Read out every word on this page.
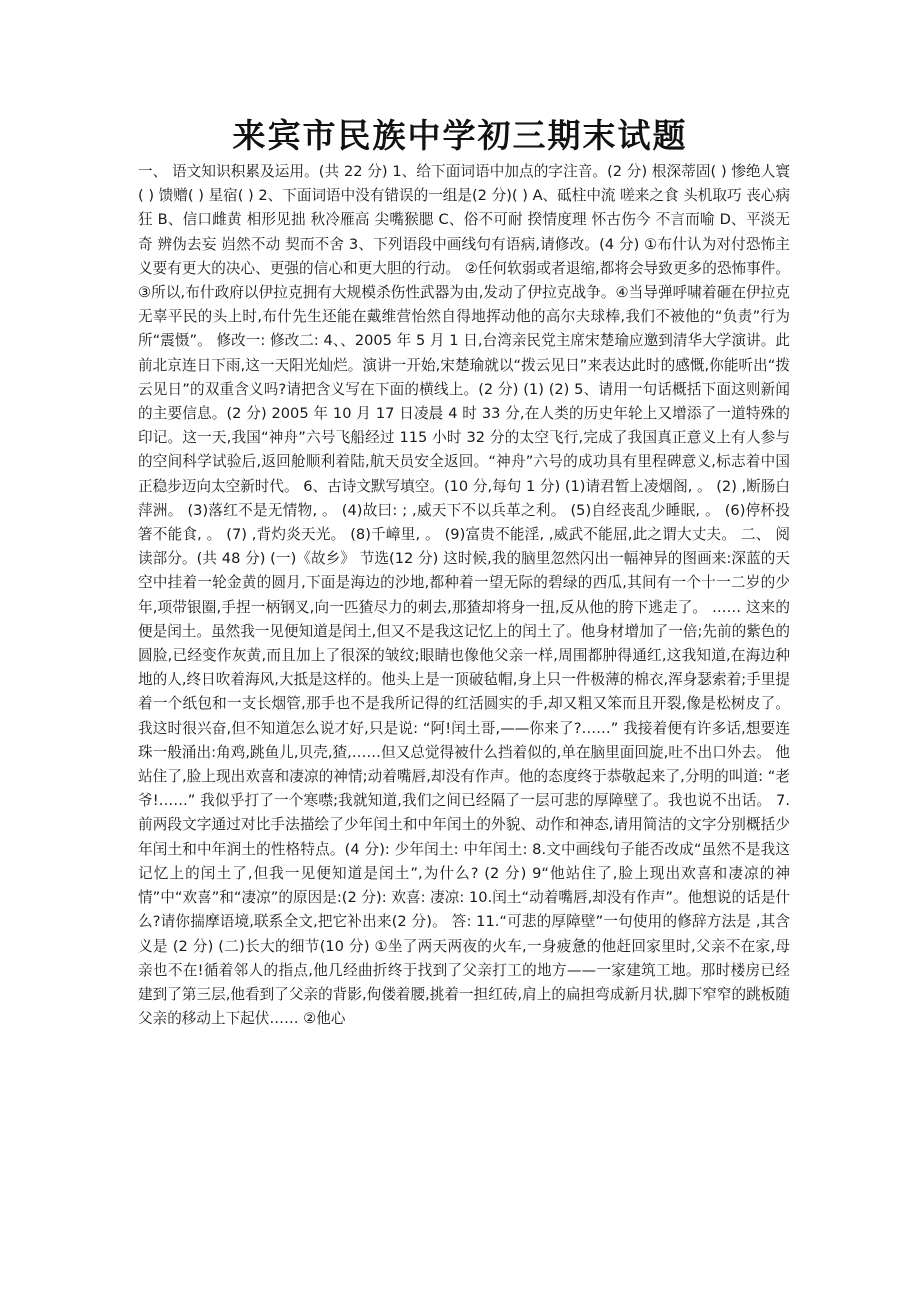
来宾市民族中学初三期末试题

一、 语文知识积累及运用。(共 22 分) 1、给下面词语中加点的字注音。(2 分) 根深蒂固( ) 惨绝人寰( ) 馈赠( ) 星宿( ) 2、下面词语中没有错误的一组是(2 分)( ) A、砥柱中流 嗟来之食 头机取巧 丧心病狂 B、信口雌黄 相形见拙 秋冷雁高 尖嘴猴腮 C、俗不可耐 揆情度理 怀古伤今 不言而喻 D、平淡无奇 辨伪去妄 岿然不动 契而不舍 3、下列语段中画线句有语病,请修改。(4 分) ①布什认为对付恐怖主义要有更大的决心、更强的信心和更大胆的行动。 ②任何软弱或者退缩,都将会导致更多的恐怖事件。 ③所以,布什政府以伊拉克拥有大规模杀伤性武器为由,发动了伊拉克战争。④当导弹呼啸着砸在伊拉克无辜平民的头上时,布什先生还能在戴维营怡然自得地挥动他的高尔夫球棒,我们不被他的“负责”行为所“震慑”。 修改一: 修改二: 4、、2005 年 5 月 1 日,台湾亲民党主席宋楚瑜应邀到清华大学演讲。此前北京连日下雨,这一天阳光灿烂。演讲一开始,宋楚瑜就以“拨云见日”来表达此时的感慨,你能听出“拨云见日”的双重含义吗?请把含义写在下面的横线上。(2 分) (1) (2) 5、请用一句话概括下面这则新闻的主要信息。(2 分) 2005 年 10 月 17 日凌晨 4 时 33 分,在人类的历史年轮上又增添了一道特殊的印记。这一天,我国“神舟”六号飞船经过 115 小时 32 分的太空飞行,完成了我国真正意义上有人参与的空间科学试验后,返回舱顺利着陆,航天员安全返回。“神舟”六号的成功具有里程碑意义,标志着中国正稳步迈向太空新时代。 6、古诗文默写填空。(10 分,每句 1 分) (1)请君暂上凌烟阁, 。 (2) ,断肠白萍洲。 (3)落红不是无情物, 。 (4)故曰: ; ,威天下不以兵革之利。 (5)自经丧乱少睡眠, 。 (6)停杯投箸不能食, 。 (7) ,背灼炎天光。 (8)千嶂里, 。 (9)富贵不能淫, ,威武不能屈,此之谓大丈夫。 二、 阅读部分。(共 48 分) (一)《故乡》 节选(12 分) 这时候,我的脑里忽然闪出一幅神异的图画来:深蓝的天空中挂着一轮金黄的圆月,下面是海边的沙地,都种着一望无际的碧绿的西瓜,其间有一个十一二岁的少年,项带银圈,手捏一柄钢叉,向一匹猹尽力的刺去,那猹却将身一扭,反从他的胯下逃走了。 …… 这来的便是闰土。虽然我一见便知道是闰土,但又不是我这记忆上的闰土了。他身材增加了一倍;先前的紫色的圆脸,已经变作灰黄,而且加上了很深的皱纹;眼睛也像他父亲一样,周围都肿得通红,这我知道,在海边种地的人,终日吹着海风,大抵是这样的。他头上是一顶破毡帽,身上只一件极薄的棉衣,浑身瑟索着;手里提着一个纸包和一支长烟管,那手也不是我所记得的红活圆实的手,却又粗又笨而且开裂,像是松树皮了。 我这时很兴奋,但不知道怎么说才好,只是说: “阿!闰土哥,——你来了?……” 我接着便有许多话,想要连珠一般涌出:角鸡,跳鱼儿,贝壳,猹,……但又总觉得被什么挡着似的,单在脑里面回旋,吐不出口外去。 他站住了,脸上现出欢喜和凄凉的神情;动着嘴唇,却没有作声。他的态度终于恭敬起来了,分明的叫道: “老爷!……” 我似乎打了一个寒噤;我就知道,我们之间已经隔了一层可悲的厚障壁了。我也说不出话。 7.前两段文字通过对比手法描绘了少年闰土和中年闰土的外貌、动作和神态,请用简洁的文字分别概括少年闰土和中年润土的性格特点。(4 分): 少年闰土: 中年闰土: 8.文中画线句子能否改成“虽然不是我这记忆上的闰土了,但我一见便知道是闰土”,为什么? (2 分) 9“他站住了,脸上现出欢喜和凄凉的神情”中“欢喜”和“凄凉”的原因是:(2 分): 欢喜: 凄凉: 10.闰土“动着嘴唇,却没有作声”。他想说的话是什么?请你揣摩语境,联系全文,把它补出来(2 分)。 答: 11.“可悲的厚障壁”一句使用的修辞方法是 ,其含义是 (2 分) (二)长大的细节(10 分) ①坐了两天两夜的火车,一身疲惫的他赶回家里时,父亲不在家,母亲也不在!循着邻人的指点,他几经曲折终于找到了父亲打工的地方——一家建筑工地。那时楼房已经建到了第三层,他看到了父亲的背影,佝偻着腰,挑着一担红砖,肩上的扁担弯成新月状,脚下窄窄的跳板随父亲的移动上下起伏…… ②他心
